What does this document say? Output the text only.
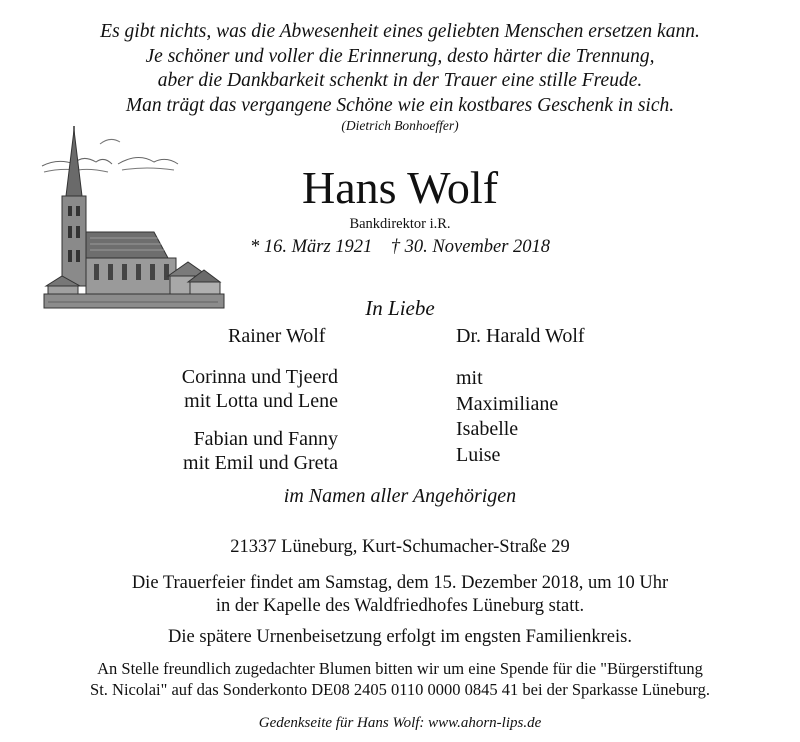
Es gibt nichts, was die Abwesenheit eines geliebten Menschen ersetzen kann.
Je schöner und voller die Erinnerung, desto härter die Trennung,
aber die Dankbarkeit schenkt in der Trauer eine stille Freude.
Man trägt das vergangene Schöne wie ein kostbares Geschenk in sich.
(Dietrich Bonhoeffer)
Hans Wolf
Bankdirektor i.R.
* 16. März 1921    † 30. November 2018
In Liebe
Rainer Wolf	Dr. Harald Wolf
Corinna und Tjeerd
mit Lotta und Lene
Fabian und Fanny
mit Emil und Greta
mit
Maximiliane
Isabelle
Luise
im Namen aller Angehörigen
21337 Lüneburg, Kurt-Schumacher-Straße 29
Die Trauerfeier findet am Samstag, dem 15. Dezember 2018, um 10 Uhr
in der Kapelle des Waldfriedhofes Lüneburg statt.
Die spätere Urnenbeisetzung erfolgt im engsten Familienkreis.
An Stelle freundlich zugedachter Blumen bitten wir um eine Spende für die "Bürgerstiftung
St. Nicolai" auf das Sonderkonto DE08 2405 0110 0000 0845 41 bei der Sparkasse Lüneburg.
Gedenkseite für Hans Wolf: www.ahorn-lips.de
